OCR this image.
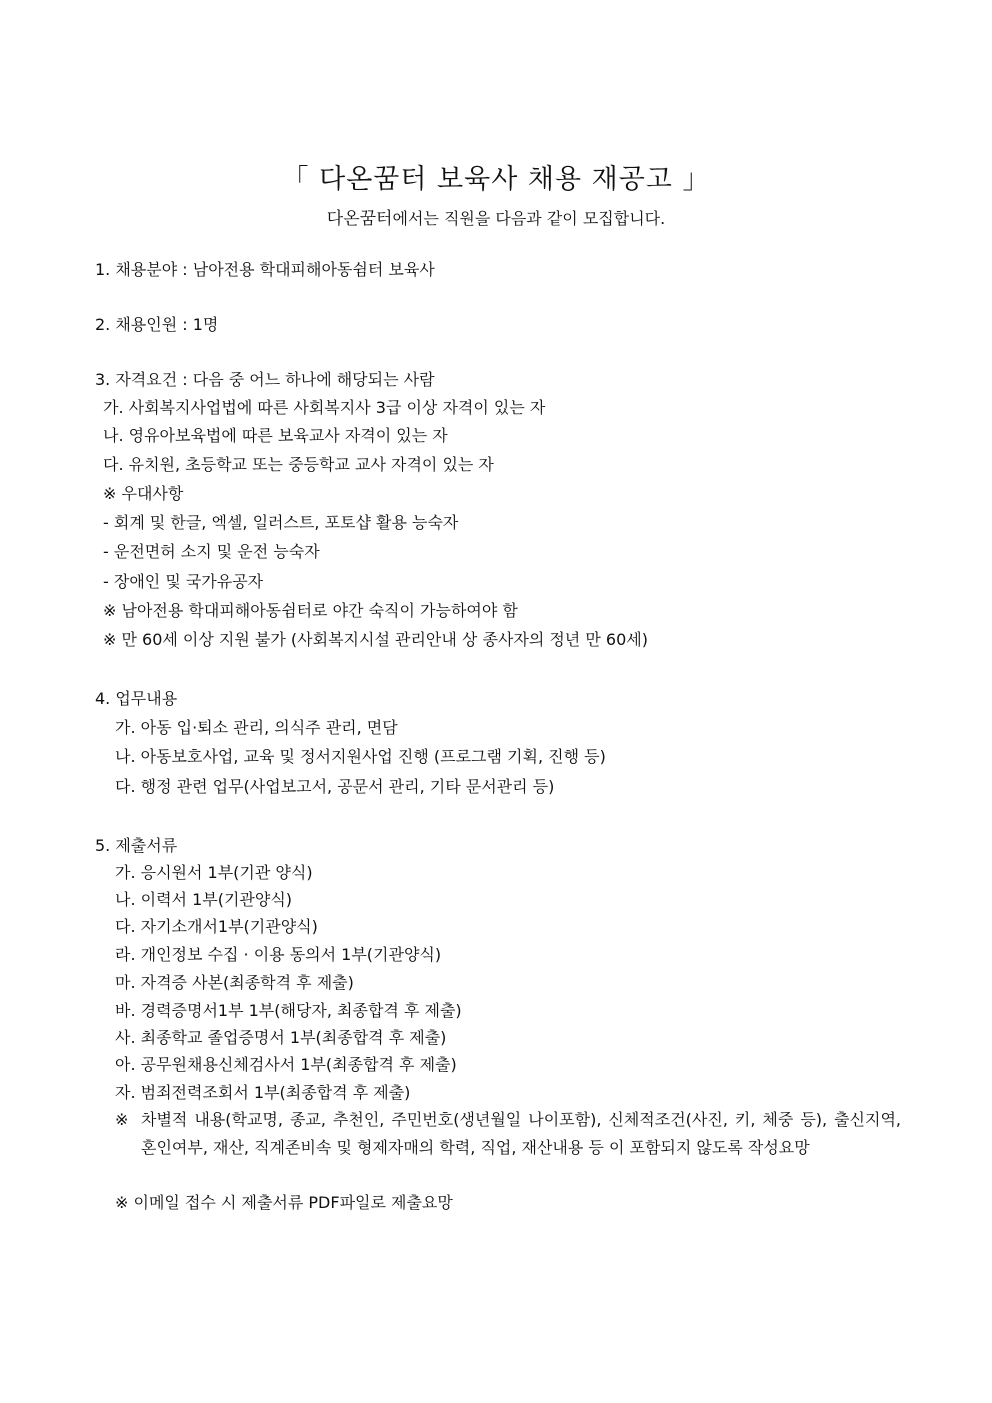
「 다온꿈터 보육사 채용 재공고 」
다온꿈터에서는 직원을 다음과 같이 모집합니다.
1. 채용분야 : 남아전용 학대피해아동쉼터 보육사
2. 채용인원 : 1명
3. 자격요건 : 다음 중 어느 하나에 해당되는 사람
가. 사회복지사업법에 따른 사회복지사 3급 이상 자격이 있는 자
나. 영유아보육법에 따른 보육교사 자격이 있는 자
다. 유치원, 초등학교 또는 중등학교 교사 자격이 있는 자
※ 우대사항
- 회계 및 한글, 엑셀, 일러스트, 포토샵 활용 능숙자
- 운전면허 소지 및 운전 능숙자
- 장애인 및 국가유공자
※ 남아전용 학대피해아동쉼터로 야간 숙직이 가능하여야 함
※ 만 60세 이상 지원 불가 (사회복지시설 관리안내 상 종사자의 정년 만 60세)
4. 업무내용
가. 아동 입·퇴소 관리, 의식주 관리, 면담
나. 아동보호사업, 교육 및 정서지원사업 진행 (프로그램 기획, 진행 등)
다. 행정 관련 업무(사업보고서, 공문서 관리, 기타 문서관리 등)
5. 제출서류
가. 응시원서 1부(기관 양식)
나. 이력서 1부(기관양식)
다. 자기소개서1부(기관양식)
라. 개인정보 수집 · 이용 동의서 1부(기관양식)
마. 자격증 사본(최종학격 후 제출)
바. 경력증명서1부 1부(해당자, 최종합격 후 제출)
사. 최종학교 졸업증명서 1부(최종합격 후 제출)
아. 공무원채용신체검사서 1부(최종합격 후 제출)
자. 범죄전력조회서 1부(최종합격 후 제출)
※ 차별적 내용(학교명, 종교, 추천인, 주민번호(생년월일 나이포함), 신체적조건(사진, 키, 체중 등), 출신지역, 혼인여부, 재산, 직계존비속 및 형제자매의 학력, 직업, 재산내용 등 이 포함되지 않도록 작성요망
※ 이메일 접수 시 제출서류 PDF파일로 제출요망
